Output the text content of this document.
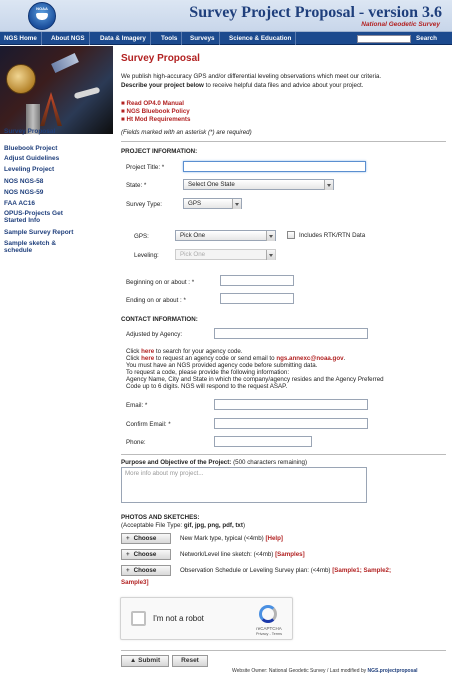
NOAA	Survey Project Proposal - version 3.6
National Geodetic Survey
NGS Home	About NGS	Data & Imagery	Tools	Surveys	Science & Education	Search
Survey Proposal
Bluebook Project
Adjust Guidelines
Leveling Project
NOS NGS-58
NOS NGS-59
FAA AC16
OPUS-Projects Get
Started Info
Sample Survey Report
Sample sketch &
schedule
Survey Proposal
We publish high-accuracy GPS and/or differential leveling observations which meet our criteria.
Describe your project below to receive helpful data files and advice about your project.
■ Read OP4.0 Manual
■ NGS Bluebook Policy
■ Ht Mod Requirements
(Fields marked with an asterisk (*) are required)
PROJECT INFORMATION:
Project Title: *
State: *	Select One State
Survey Type:	GPS
GPS:	Pick One	Includes RTK/RTN Data
Leveling:	Pick One
Beginning on or about : *
Ending on or about : *
CONTACT INFORMATION:
Adjusted by Agency:
Click here to search for your agency code.
Click here to request an agency code or send email to ngs.annexc@noaa.gov.
You must have an NGS provided agency code before submitting data.
To request a code, please provide the following information:
Agency Name, City and State in which the company/agency resides and the Agency Preferred
Code up to 6 digits. NGS will respond to the request ASAP.
Email: *
Confirm Email: *
Phone:
Purpose and Objective of the Project: (500 characters remaining)
More info about my project...
PHOTOS AND SKETCHES:
(Acceptable File Type: gif, jpg, png, pdf, txt)
+ Choose	New Mark type, typical (<4mb) [Help]
+ Choose	Network/Level line sketch: (<4mb) [Samples]
+ Choose	Observation Schedule or Leveling Survey plan: (<4mb) [Sample1; Sample2;
Sample3]
I'm not a robot
reCAPTCHA
Privacy - Terms
▲ Submit	Reset
Website Owner: National Geodetic Survey / Last modified by NGS.projectproposal
